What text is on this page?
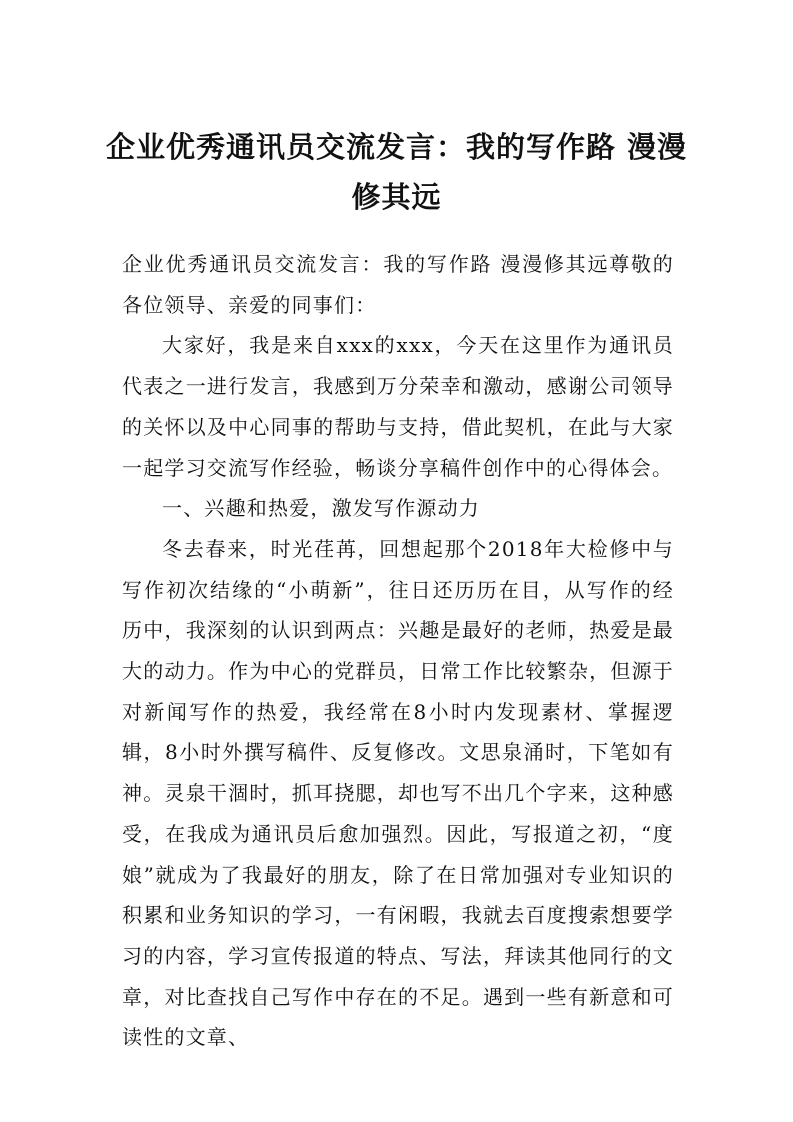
企业优秀通讯员交流发言：我的写作路 漫漫修其远

企业优秀通讯员交流发言：我的写作路 漫漫修其远尊敬的各位领导、亲爱的同事们：

大家好，我是来自xxx的xxx，今天在这里作为通讯员代表之一进行发言，我感到万分荣幸和激动，感谢公司领导的关怀以及中心同事的帮助与支持，借此契机，在此与大家一起学习交流写作经验，畅谈分享稿件创作中的心得体会。

一、兴趣和热爱，激发写作源动力

冬去春来，时光荏苒，回想起那个2018年大检修中与写作初次结缘的“小萌新”，往日还历历在目，从写作的经历中，我深刻的认识到两点：兴趣是最好的老师，热爱是最大的动力。作为中心的党群员，日常工作比较繁杂，但源于对新闻写作的热爱，我经常在8小时内发现素材、掌握逻辑，8小时外撰写稿件、反复修改。文思泉涌时，下笔如有神。灵泉干涸时，抓耳挠腮，却也写不出几个字来，这种感受，在我成为通讯员后愈加强烈。因此，写报道之初，“度娘”就成为了我最好的朋友，除了在日常加强对专业知识的积累和业务知识的学习，一有闲暇，我就去百度搜索想要学习的内容，学习宣传报道的特点、写法，拜读其他同行的文章，对比查找自己写作中存在的不足。遇到一些有新意和可读性的文章、
